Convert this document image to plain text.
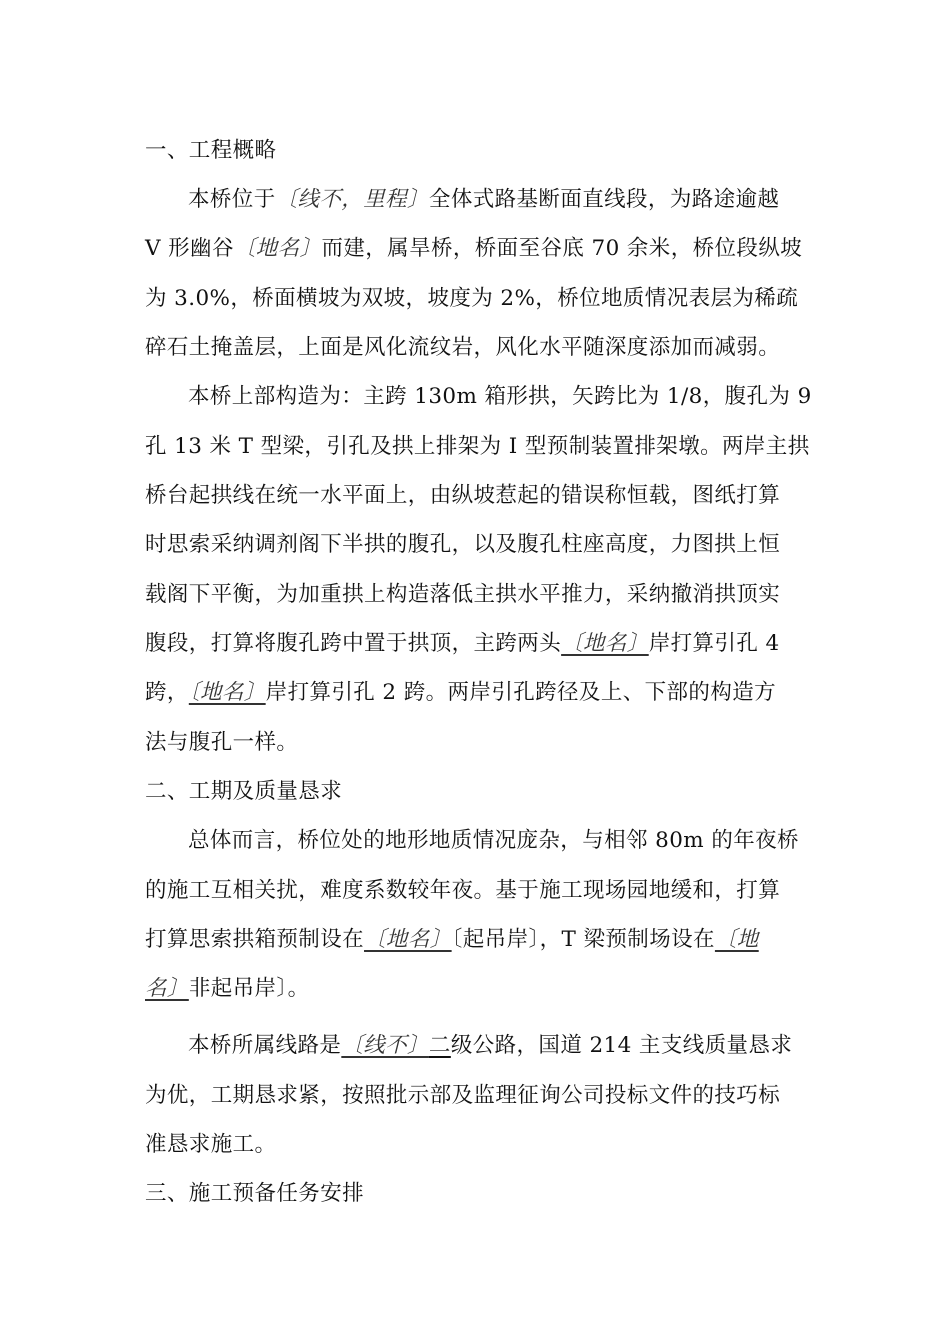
一、工程概略
本桥位于〔线不，里程〕全体式路基断面直线段，为路途逾越
V 形幽谷〔地名〕而建，属旱桥，桥面至谷底 70 余米，桥位段纵坡
为 3.0%，桥面横坡为双坡，坡度为 2%，桥位地质情况表层为稀疏
碎石土掩盖层，上面是风化流纹岩，风化水平随深度添加而减弱。
本桥上部构造为：主跨 130m 箱形拱，矢跨比为 1/8，腹孔为 9
孔 13 米 T 型梁，引孔及拱上排架为 I 型预制装置排架墩。两岸主拱
桥台起拱线在统一水平面上，由纵坡惹起的错误称恒载，图纸打算
时思索采纳调剂阁下半拱的腹孔，以及腹孔柱座高度，力图拱上恒
载阁下平衡，为加重拱上构造落低主拱水平推力，采纳撤消拱顶实
腹段，打算将腹孔跨中置于拱顶，主跨两头〔地名〕岸打算引孔 4
跨，〔地名〕岸打算引孔 2 跨。两岸引孔跨径及上、下部的构造方
法与腹孔一样。
二、工期及质量恳求
总体而言，桥位处的地形地质情况庞杂，与相邻 80m 的年夜桥
的施工互相关扰，难度系数较年夜。基于施工现场园地缓和，打算
打算思索拱箱预制设在〔地名〕〔起吊岸〕，T 梁预制场设在〔地
名〕非起吊岸〕。
本桥所属线路是〔线不〕二级公路，国道 214 主支线质量恳求
为优，工期恳求紧，按照批示部及监理征询公司投标文件的技巧标
准恳求施工。
三、施工预备任务安排
